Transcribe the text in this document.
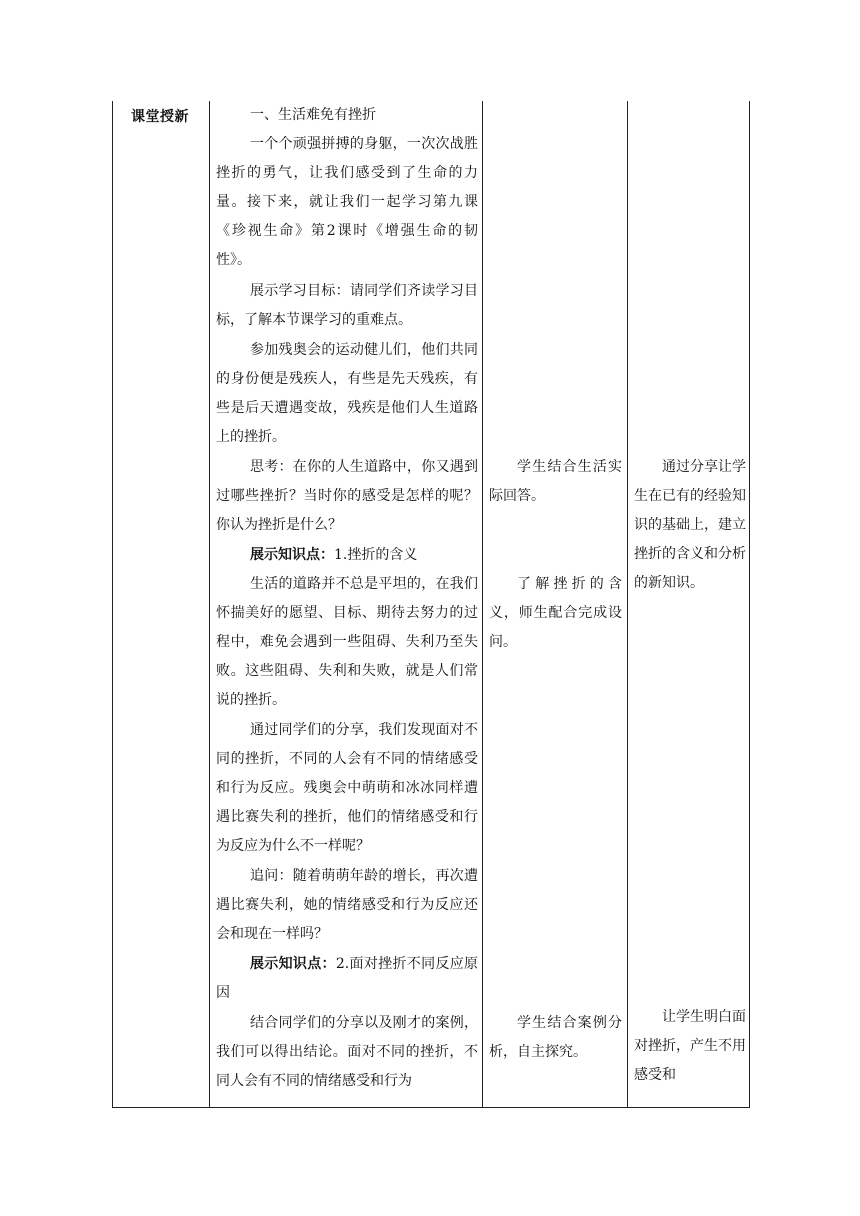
课堂授新	一、生活难免有挫折
一个个顽强拼搏的身躯，一次次战胜挫折的勇气，让我们感受到了生命的力量。接下来，就让我们一起学习第九课《珍视生命》第2课时《增强生命的韧性》。
展示学习目标：请同学们齐读学习目标，了解本节课学习的重难点。
参加残奥会的运动健儿们，他们共同的身份便是残疾人，有些是先天残疾，有些是后天遭遇变故，残疾是他们人生道路上的挫折。
思考：在你的人生道路中，你又遇到过哪些挫折？当时你的感受是怎样的呢？你认为挫折是什么？
展示知识点：1.挫折的含义
生活的道路并不总是平坦的，在我们怀揣美好的愿望、目标、期待去努力的过程中，难免会遇到一些阻碍、失利乃至失败。这些阻碍、失利和失败，就是人们常说的挫折。
通过同学们的分享，我们发现面对不同的挫折，不同的人会有不同的情绪感受和行为反应。残奥会中萌萌和冰冰同样遭遇比赛失利的挫折，他们的情绪感受和行为反应为什么不一样呢？
追问：随着萌萌年龄的增长，再次遭遇比赛失利，她的情绪感受和行为反应还会和现在一样吗？
展示知识点：2.面对挫折不同反应原因
结合同学们的分享以及刚才的案例，我们可以得出结论。面对不同的挫折，不同人会有不同的情绪感受和行为
学生结合生活实际回答。
了解挫折的含义，师生配合完成设问。
学生结合案例分析，自主探究。
通过分享让学生在已有的经验知识的基础上，建立挫折的含义和分析的新知识。
让学生明白面对挫折，产生不用感受和
